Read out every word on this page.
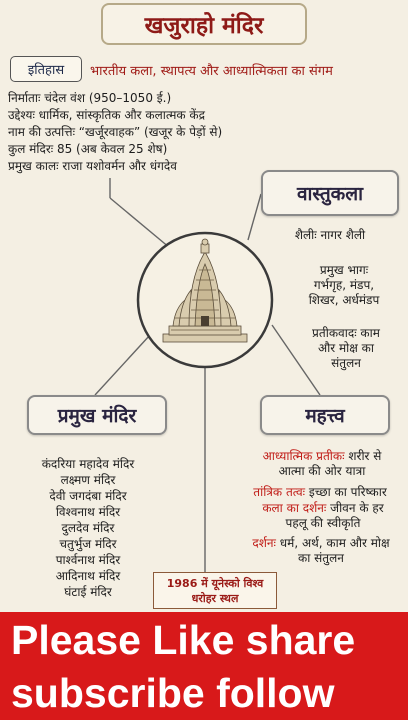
खजुराहो मंदिर
इतिहास	भारतीय कला, स्थापत्य और आध्यात्मिकता का संगम
निर्माताः चंदेल वंश (950–1050 ई.)
उद्देश्यः धार्मिक, सांस्कृतिक और कलात्मक केंद्र
नाम की उत्पत्तिः “खर्जूरवाहक” (खजूर के पेड़ों से)
कुल मंदिरः 85 (अब केवल 25 शेष)
प्रमुख कालः राजा यशोवर्मन और धंगदेव
वास्तुकला
शैलीः नागर शैली
प्रमुख भागः
गर्भगृह, मंडप,
शिखर, अर्धमंडप
प्रतीकवादः काम
और मोक्ष का
संतुलन
प्रमुख मंदिर
कंदरिया महादेव मंदिर
लक्ष्मण मंदिर
देवी जगदंबा मंदिर
विश्वनाथ मंदिर
दुलदेव मंदिर
चतुर्भुज मंदिर
पार्श्वनाथ मंदिर
आदिनाथ मंदिर
घंटाई मंदिर
महत्त्व
आध्यात्मिक प्रतीकः शरीर से
आत्मा की ओर यात्रा
तांत्रिक तत्वः इच्छा का परिष्कार
कला का दर्शनः जीवन के हर
पहलू की स्वीकृति
दर्शनः धर्म, अर्थ, काम और मोक्ष
का संतुलन
1986 में यूनेस्को विश्व
धरोहर स्थल
Please Like share
subscribe follow
